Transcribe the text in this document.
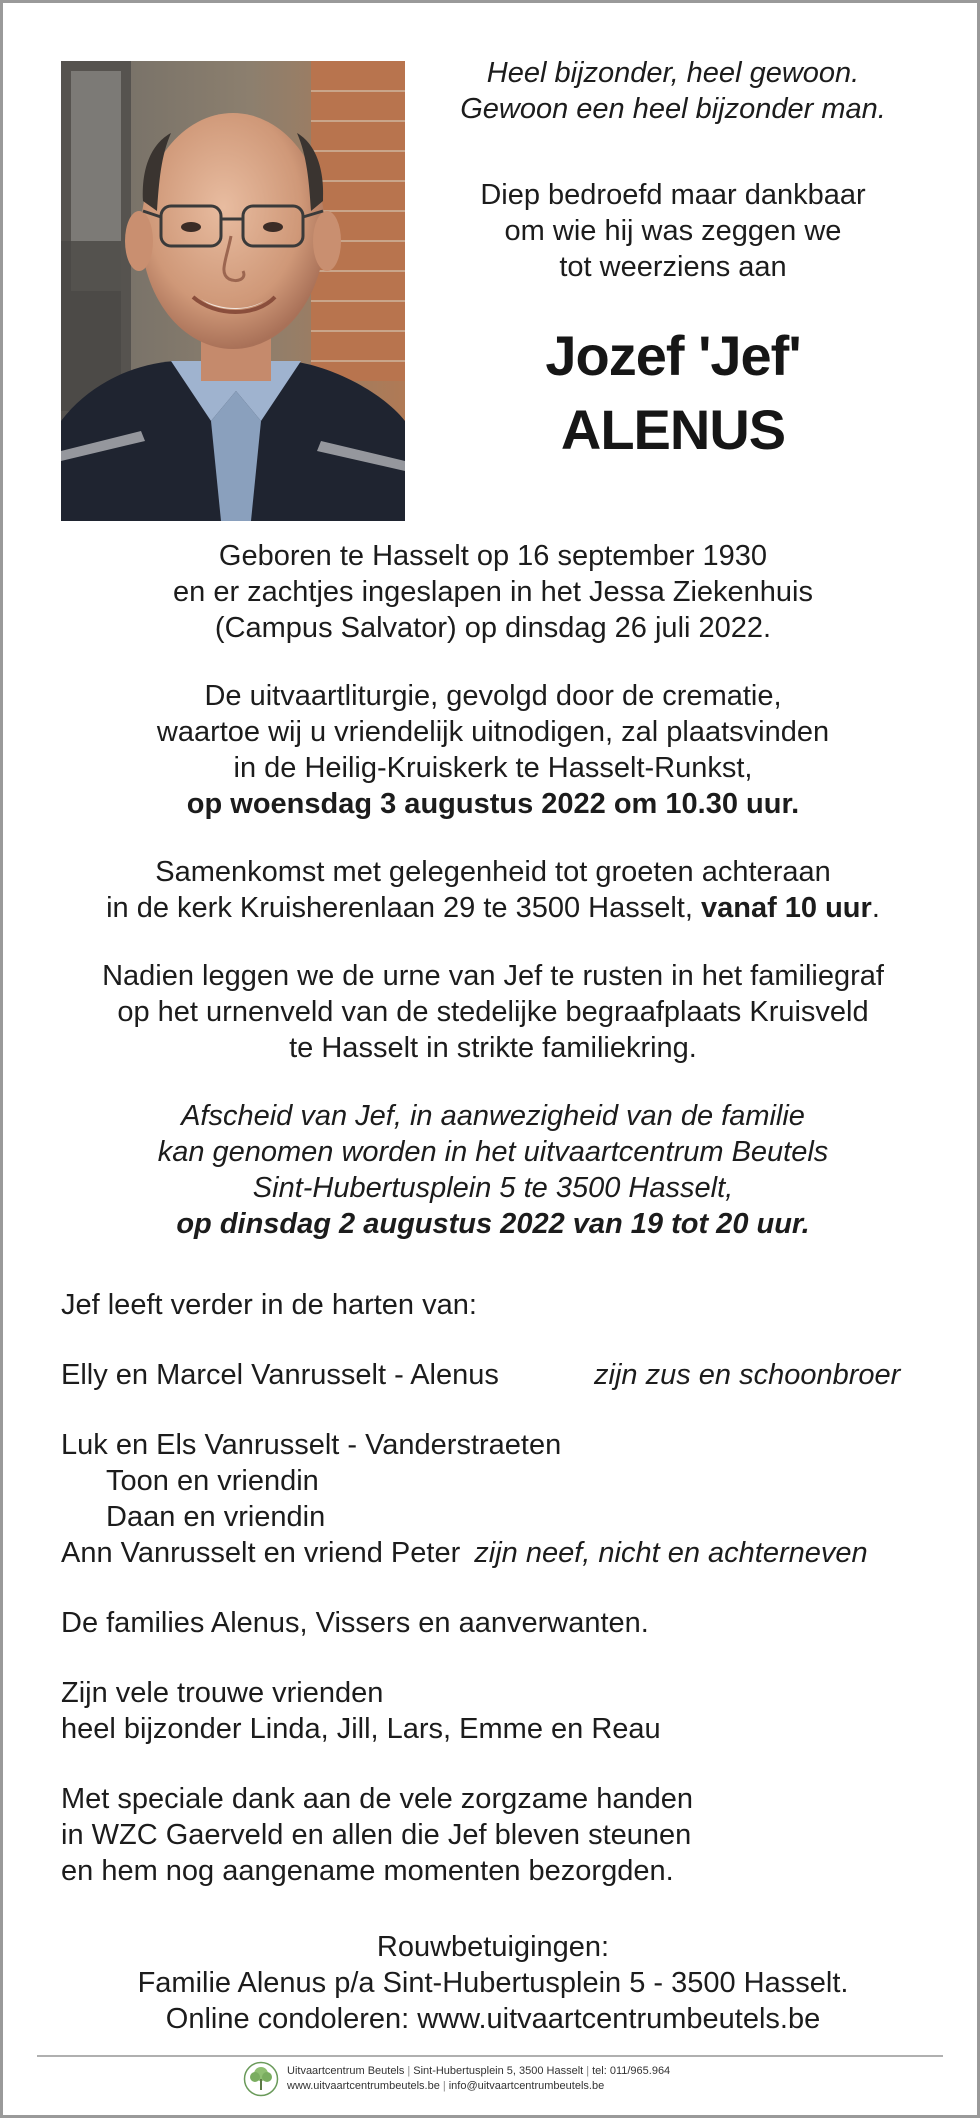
Heel bijzonder, heel gewoon.
Gewoon een heel bijzonder man.
Diep bedroefd maar dankbaar
om wie hij was zeggen we
tot weerziens aan
Jozef 'Jef'
ALENUS

Geboren te Hasselt op 16 september 1930
en er zachtjes ingeslapen in het Jessa Ziekenhuis
(Campus Salvator) op dinsdag 26 juli 2022.

De uitvaartliturgie, gevolgd door de crematie,
waartoe wij u vriendelijk uitnodigen, zal plaatsvinden
in de Heilig-Kruiskerk te Hasselt-Runkst,
op woensdag 3 augustus 2022 om 10.30 uur.

Samenkomst met gelegenheid tot groeten achteraan
in de kerk Kruisherenlaan 29 te 3500 Hasselt, vanaf 10 uur.

Nadien leggen we de urne van Jef te rusten in het familiegraf
op het urnenveld van de stedelijke begraafplaats Kruisveld
te Hasselt in strikte familiekring.

Afscheid van Jef, in aanwezigheid van de familie
kan genomen worden in het uitvaartcentrum Beutels
Sint-Hubertusplein 5 te 3500 Hasselt,
op dinsdag 2 augustus 2022 van 19 tot 20 uur.

Jef leeft verder in de harten van:
Elly en Marcel Vanrusselt - Alenus	zijn zus en schoonbroer
Luk en Els Vanrusselt - Vanderstraeten
Toon en vriendin
Daan en vriendin
Ann Vanrusselt en vriend Peter zijn neef, nicht en achterneven
De families Alenus, Vissers en aanverwanten.
Zijn vele trouwe vrienden
heel bijzonder Linda, Jill, Lars, Emme en Reau
Met speciale dank aan de vele zorgzame handen
in WZC Gaerveld en allen die Jef bleven steunen
en hem nog aangename momenten bezorgden.
Rouwbetuigingen:
Familie Alenus p/a Sint-Hubertusplein 5 - 3500 Hasselt.
Online condoleren: www.uitvaartcentrumbeutels.be
Uitvaartcentrum Beutels | Sint-Hubertusplein 5, 3500 Hasselt | tel: 011/965.964
www.uitvaartcentrumbeutels.be | info@uitvaartcentrumbeutels.be
